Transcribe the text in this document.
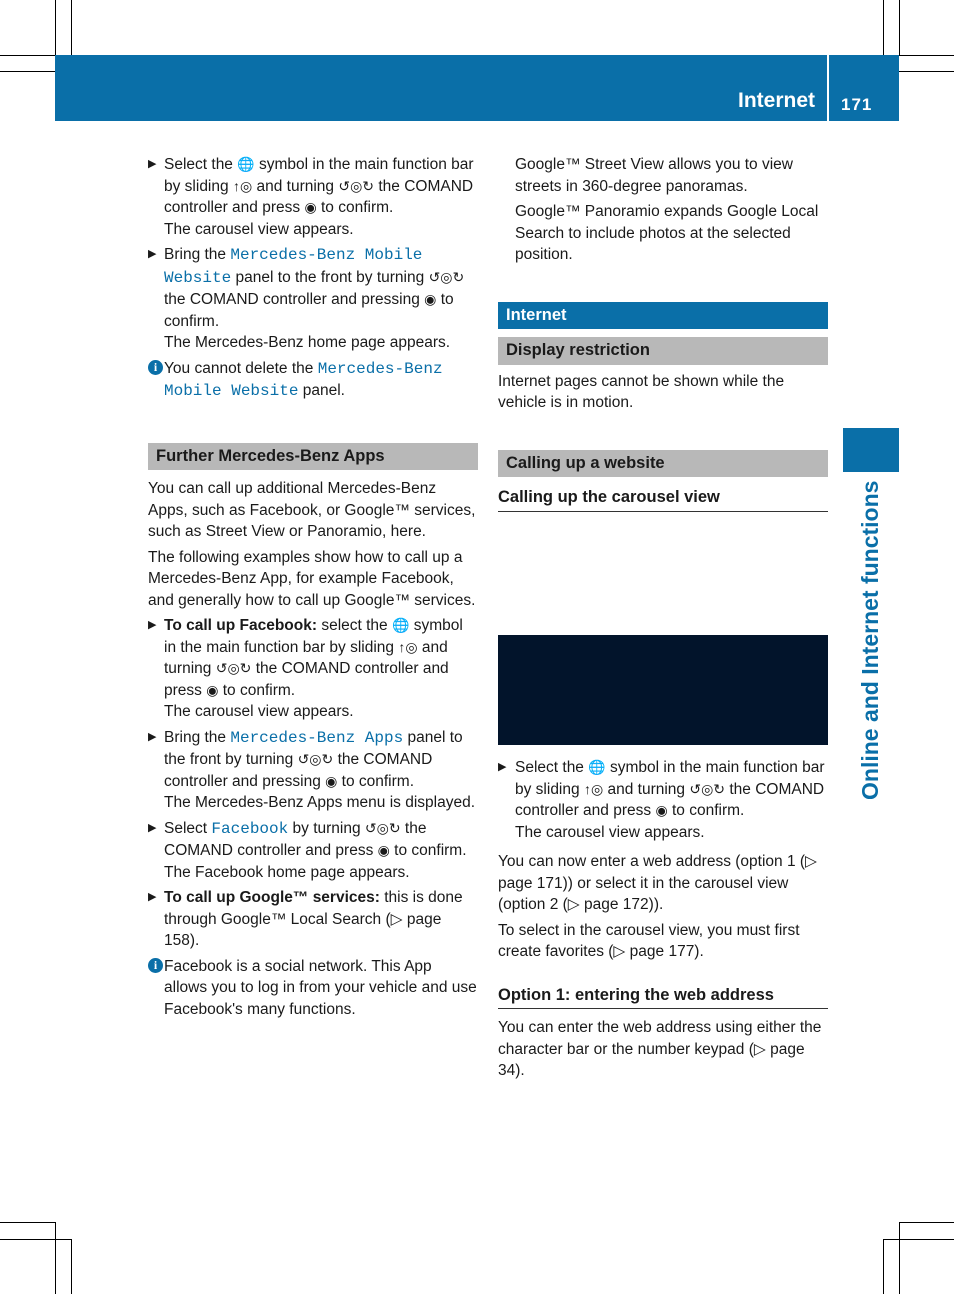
Internet 171
Online and Internet functions
▶ Select the 🌐 symbol in the main function bar by sliding ↑◎ and turning ↺◎↻ the COMAND controller and press ◉ to confirm.
The carousel view appears.
▶ Bring the Mercedes-Benz Mobile Website panel to the front by turning ↺◎↻ the COMAND controller and pressing ◉ to confirm.
The Mercedes-Benz home page appears.
i You cannot delete the Mercedes-Benz Mobile Website panel.
Further Mercedes-Benz Apps

You can call up additional Mercedes-Benz Apps, such as Facebook, or Google™ services, such as Street View or Panoramio, here.

The following examples show how to call up a Mercedes-Benz App, for example Facebook, and generally how to call up Google™ services.

▶ To call up Facebook: select the 🌐 symbol in the main function bar by sliding ↑◎ and turning ↺◎↻ the COMAND controller and press ◉ to confirm.
The carousel view appears.
▶ Bring the Mercedes-Benz Apps panel to the front by turning ↺◎↻ the COMAND controller and pressing ◉ to confirm.
The Mercedes-Benz Apps menu is displayed.
▶ Select Facebook by turning ↺◎↻ the COMAND controller and press ◉ to confirm.
The Facebook home page appears.
▶ To call up Google™ services: this is done through Google™ Local Search (▷ page 158).
i Facebook is a social network. This App allows you to log in from your vehicle and use Facebook's many functions.

Google™ Street View allows you to view streets in 360-degree panoramas.

Google™ Panoramio expands Google Local Search to include photos at the selected position.

Internet
Display restriction

Internet pages cannot be shown while the vehicle is in motion.

Calling up a website
Calling up the carousel view
▶ Select the 🌐 symbol in the main function bar by sliding ↑◎ and turning ↺◎↻ the COMAND controller and press ◉ to confirm.
The carousel view appears.

You can now enter a web address (option 1 (▷ page 171)) or select it in the carousel view (option 2 (▷ page 172)).

To select in the carousel view, you must first create favorites (▷ page 177).

Option 1: entering the web address

You can enter the web address using either the character bar or the number keypad (▷ page 34).
